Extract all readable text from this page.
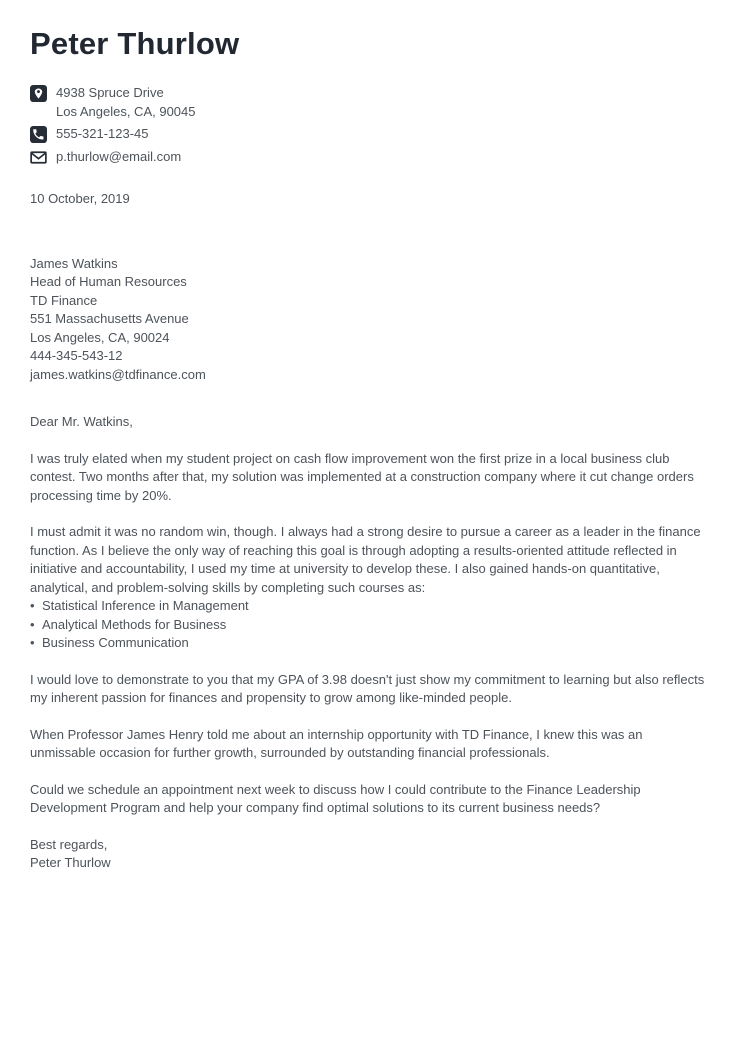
Peter Thurlow
4938 Spruce Drive
Los Angeles, CA, 90045
555-321-123-45
p.thurlow@email.com

10 October, 2019

James Watkins
Head of Human Resources
TD Finance
551 Massachusetts Avenue
Los Angeles, CA, 90024
444-345-543-12
james.watkins@tdfinance.com

Dear Mr. Watkins,

I was truly elated when my student project on cash flow improvement won the first prize in a local business club contest. Two months after that, my solution was implemented at a construction company where it cut change orders processing time by 20%.

I must admit it was no random win, though. I always had a strong desire to pursue a career as a leader in the finance function. As I believe the only way of reaching this goal is through adopting a results-oriented attitude reflected in initiative and accountability, I used my time at university to develop these. I also gained hands-on quantitative, analytical, and problem-solving skills by completing such courses as:

• Statistical Inference in Management
• Analytical Methods for Business
• Business Communication

I would love to demonstrate to you that my GPA of 3.98 doesn't just show my commitment to learning but also reflects my inherent passion for finances and propensity to grow among like-minded people.

When Professor James Henry told me about an internship opportunity with TD Finance, I knew this was an unmissable occasion for further growth, surrounded by outstanding financial professionals.

Could we schedule an appointment next week to discuss how I could contribute to the Finance Leadership Development Program and help your company find optimal solutions to its current business needs?

Best regards,
Peter Thurlow
